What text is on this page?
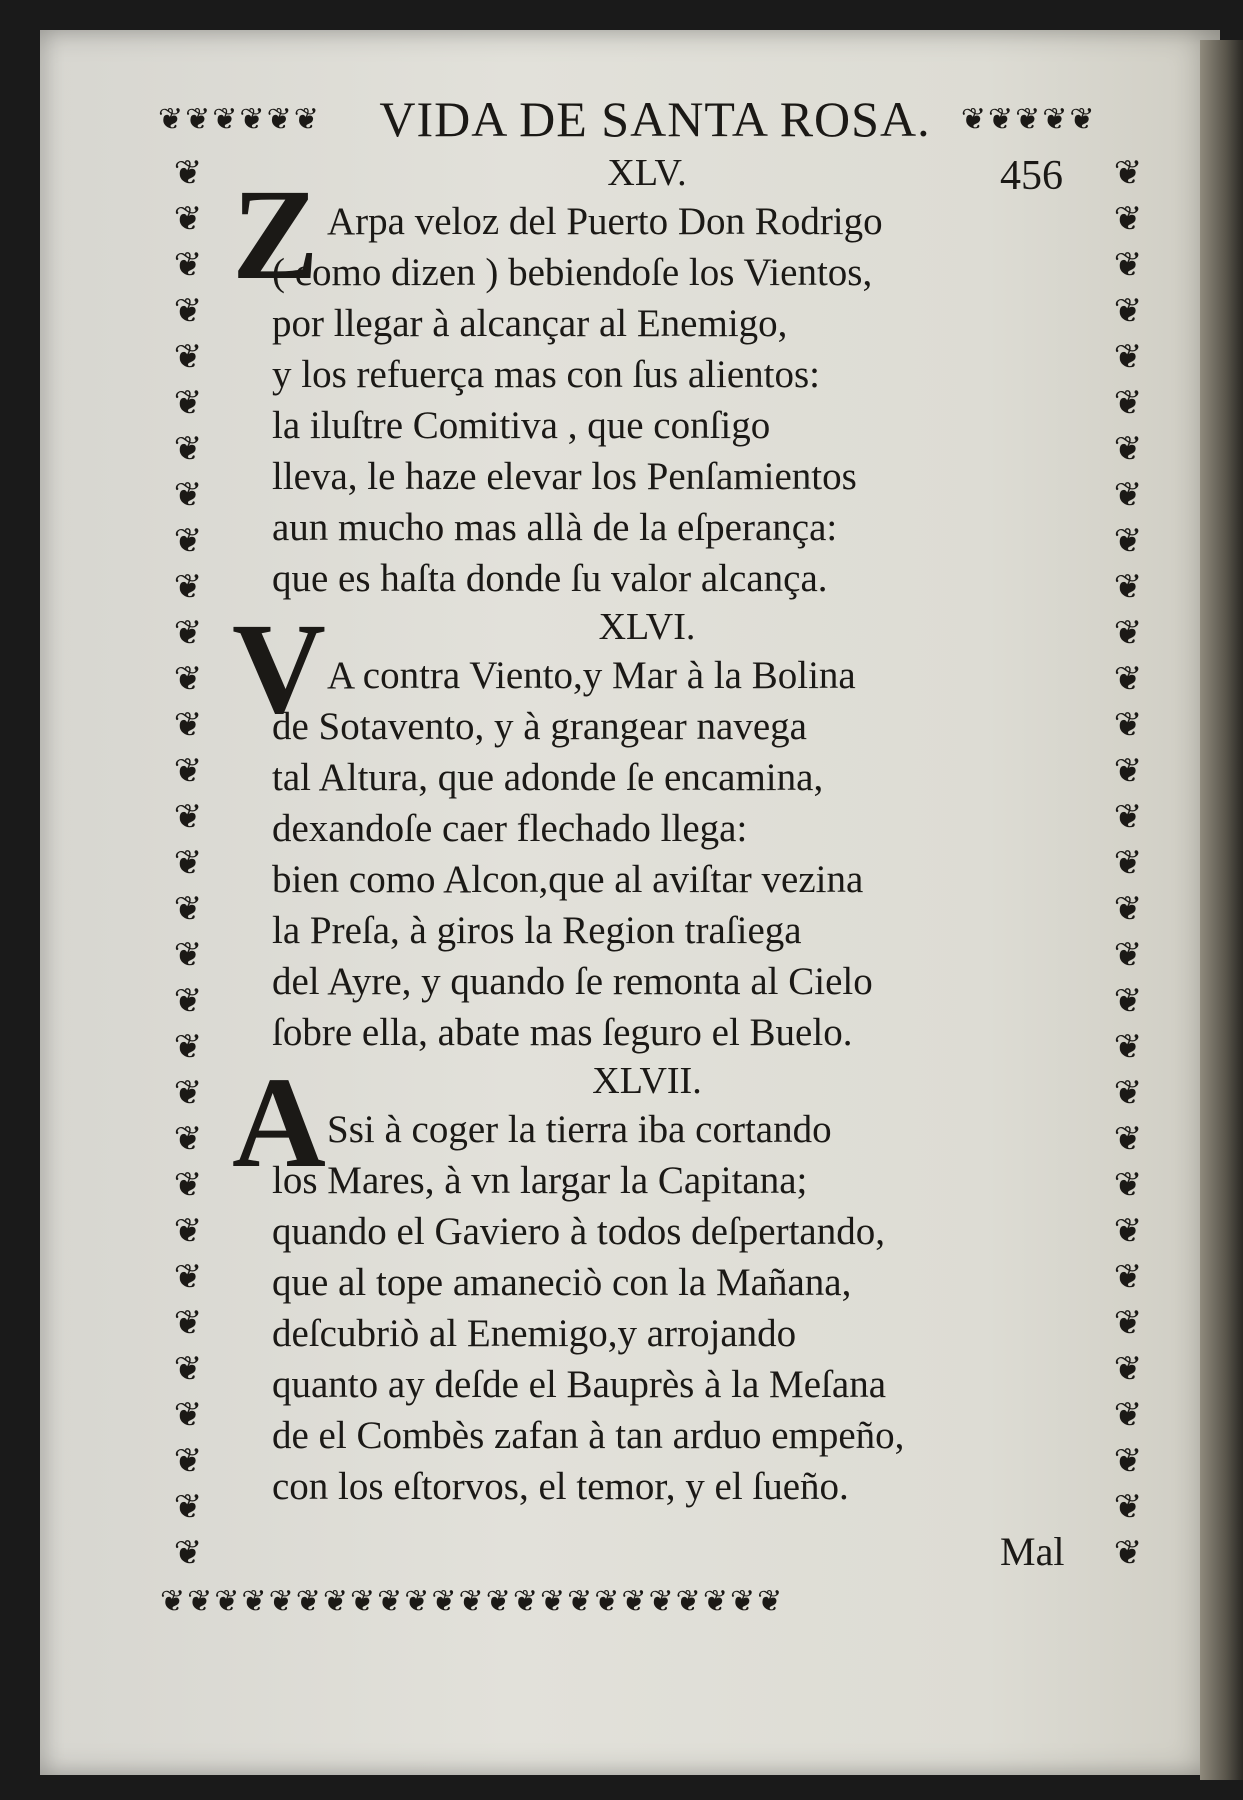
❦❦❦❦❦❦	❦❦❦❦❦
❦
❦
❦
❦
❦
❦
❦
❦
❦
❦
❦
❦
❦
❦
❦
❦
❦
❦
❦
❦
❦
❦
❦
❦
❦
❦
❦
❦
❦
❦
❦
❦
❦
❦
❦
❦
❦
❦
❦
❦
❦
❦
❦
❦
❦
❦
❦
❦
❦
❦
❦
❦
❦
❦
❦
❦
❦
❦
❦
❦
❦
❦
❦❦❦❦❦❦❦❦❦❦❦❦❦❦❦❦❦❦❦❦❦❦❦
VIDA DE SANTA ROSA.
456
XLV.
Z Arpa veloz del Puerto Don Rodrigo
( como dizen ) bebiendoſe los Vientos,
por llegar à alcançar al Enemigo,
y los refuerça mas con ſus alientos:
la iluſtre Comitiva , que conſigo
lleva, le haze elevar los Penſamientos
aun mucho mas allà de la eſperança:
que es haſta donde ſu valor alcança.
XLVI.
V A contra Viento,y Mar à la Bolina
de Sotavento, y à grangear navega
tal Altura, que adonde ſe encamina,
dexandoſe caer flechado llega:
bien como Alcon,que al aviſtar vezina
la Preſa, à giros la Region traſiega
del Ayre, y quando ſe remonta al Cielo
ſobre ella, abate mas ſeguro el Buelo.
XLVII.
A Ssi à coger la tierra iba cortando
los Mares, à vn largar la Capitana;
quando el Gaviero à todos deſpertando,
que al tope amaneciò con la Mañana,
deſcubriò al Enemigo,y arrojando
quanto ay deſde el Bauprès à la Meſana
de el Combès zafan à tan arduo empeño,
con los eſtorvos, el temor, y el ſueño.
Mal
